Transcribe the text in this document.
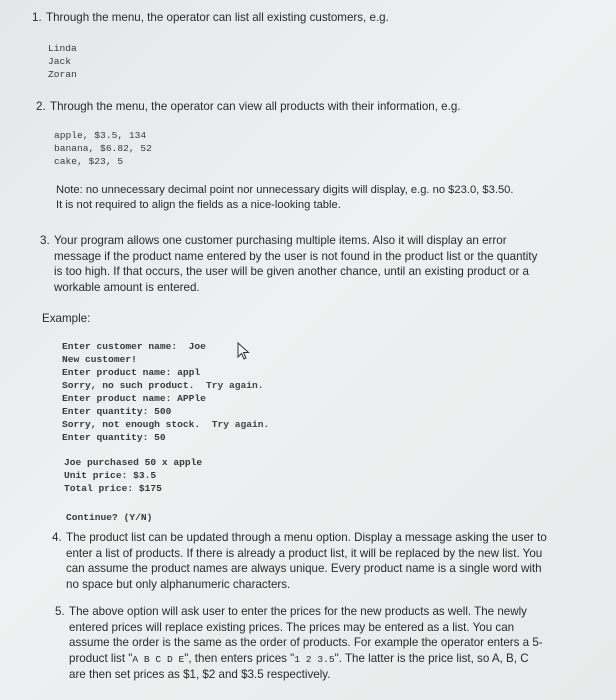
1. Through the menu, the operator can list all existing customers, e.g.
Linda
Jack
Zoran
2. Through the menu, the operator can view all products with their information, e.g.
apple, $3.5, 134
banana, $6.82, 52
cake, $23, 5
Note: no unnecessary decimal point nor unnecessary digits will display, e.g. no $23.0, $3.50.
It is not required to align the fields as a nice-looking table.
3. Your program allows one customer purchasing multiple items. Also it will display an error
message if the product name entered by the user is not found in the product list or the quantity
is too high. If that occurs, the user will be given another chance, until an existing product or a
workable amount is entered.
Example:
Enter customer name: Joe
New customer!
Enter product name: appl
Sorry, no such product. Try again.
Enter product name: APPle
Enter quantity: 500
Sorry, not enough stock. Try again.
Enter quantity: 50
Joe purchased 50 x apple
Unit price: $3.5
Total price: $175
Continue? (Y/N)
4. The product list can be updated through a menu option. Display a message asking the user to
enter a list of products. If there is already a product list, it will be replaced by the new list. You
can assume the product names are always unique. Every product name is a single word with
no space but only alphanumeric characters.
5. The above option will ask user to enter the prices for the new products as well. The newly
entered prices will replace existing prices. The prices may be entered as a list. You can
assume the order is the same as the order of products. For example the operator enters a 5-
product list "A B C D E", then enters prices "1 2 3.5". The latter is the price list, so A, B, C
are then set prices as $1, $2 and $3.5 respectively.
